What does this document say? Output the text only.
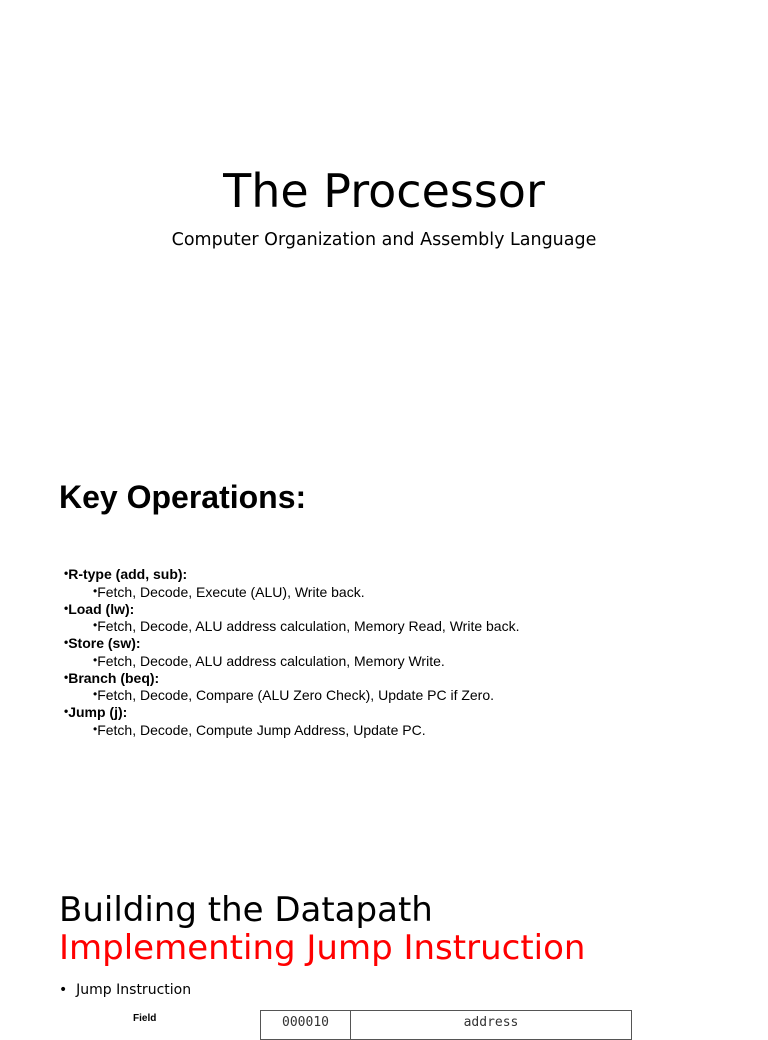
The Processor
Computer Organization and Assembly Language
Key Operations:
•R-type (add, sub):
•Fetch, Decode, Execute (ALU), Write back.
•Load (lw):
•Fetch, Decode, ALU address calculation, Memory Read, Write back.
•Store (sw):
•Fetch, Decode, ALU address calculation, Memory Write.
•Branch (beq):
•Fetch, Decode, Compare (ALU Zero Check), Update PC if Zero.
•Jump (j):
•Fetch, Decode, Compute Jump Address, Update PC.
Building the Datapath
Implementing Jump Instruction
•  Jump Instruction
Field	000010	address
